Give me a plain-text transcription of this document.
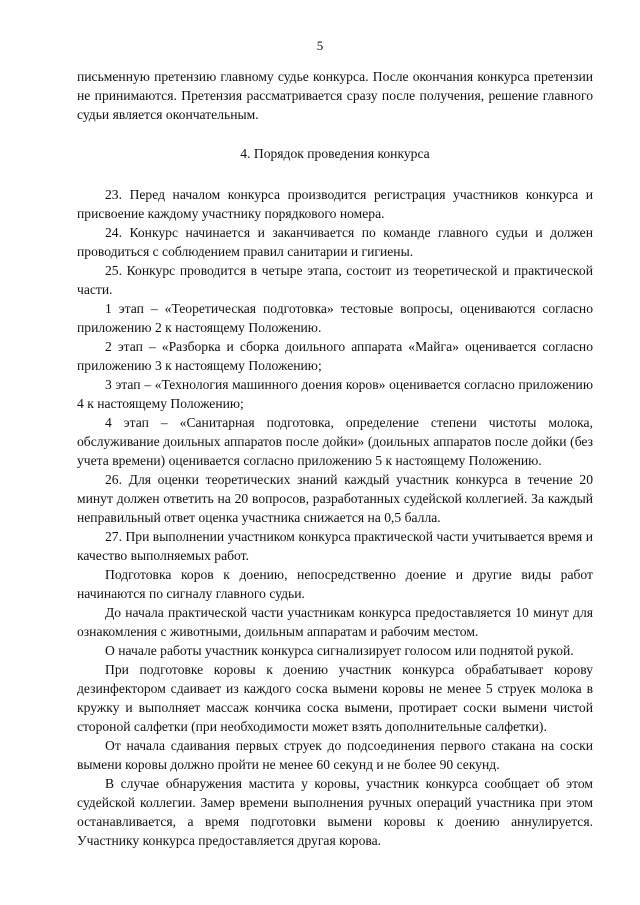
5

письменную претензию главному судье конкурса. После окончания конкурса претензии не принимаются. Претензия рассматривается сразу после получения, решение главного судьи является окончательным.

4. Порядок проведения конкурса

23. Перед началом конкурса производится регистрация участников конкурса и присвоение каждому участнику порядкового номера.

24. Конкурс начинается и заканчивается по команде главного судьи и должен проводиться с соблюдением правил санитарии и гигиены.

25. Конкурс проводится в четыре этапа, состоит из теоретической и практической части.

1 этап – «Теоретическая подготовка» тестовые вопросы, оцениваются согласно приложению 2 к настоящему Положению.

2 этап – «Разборка и сборка доильного аппарата «Майга» оценивается согласно приложению 3 к настоящему Положению;

3 этап – «Технология машинного доения коров» оценивается согласно приложению 4 к настоящему Положению;

4 этап – «Санитарная подготовка, определение степени чистоты молока, обслуживание доильных аппаратов после дойки» (доильных аппаратов после дойки (без учета времени) оценивается согласно приложению 5 к настоящему Положению.

26. Для оценки теоретических знаний каждый участник конкурса в течение 20 минут должен ответить на 20 вопросов, разработанных судейской коллегией. За каждый неправильный ответ оценка участника снижается на 0,5 балла.

27. При выполнении участником конкурса практической части учитывается время и качество выполняемых работ.

Подготовка коров к доению, непосредственно доение и другие виды работ начинаются по сигналу главного судьи.

До начала практической части участникам конкурса предоставляется 10 минут для ознакомления с животными, доильным аппаратам и рабочим местом.

О начале работы участник конкурса сигнализирует голосом или поднятой рукой.

При подготовке коровы к доению участник конкурса обрабатывает корову дезинфектором сдаивает из каждого соска вымени коровы не менее 5 струек молока в кружку и выполняет массаж кончика соска вымени, протирает соски вымени чистой стороной салфетки (при необходимости может взять дополнительные салфетки).

От начала сдаивания первых струек до подсоединения первого стакана на соски вымени коровы должно пройти не менее 60 секунд и не более 90 секунд.

В случае обнаружения мастита у коровы, участник конкурса сообщает об этом судейской коллегии. Замер времени выполнения ручных операций участника при этом останавливается, а время подготовки вымени коровы к доению аннулируется. Участнику конкурса предоставляется другая корова.
